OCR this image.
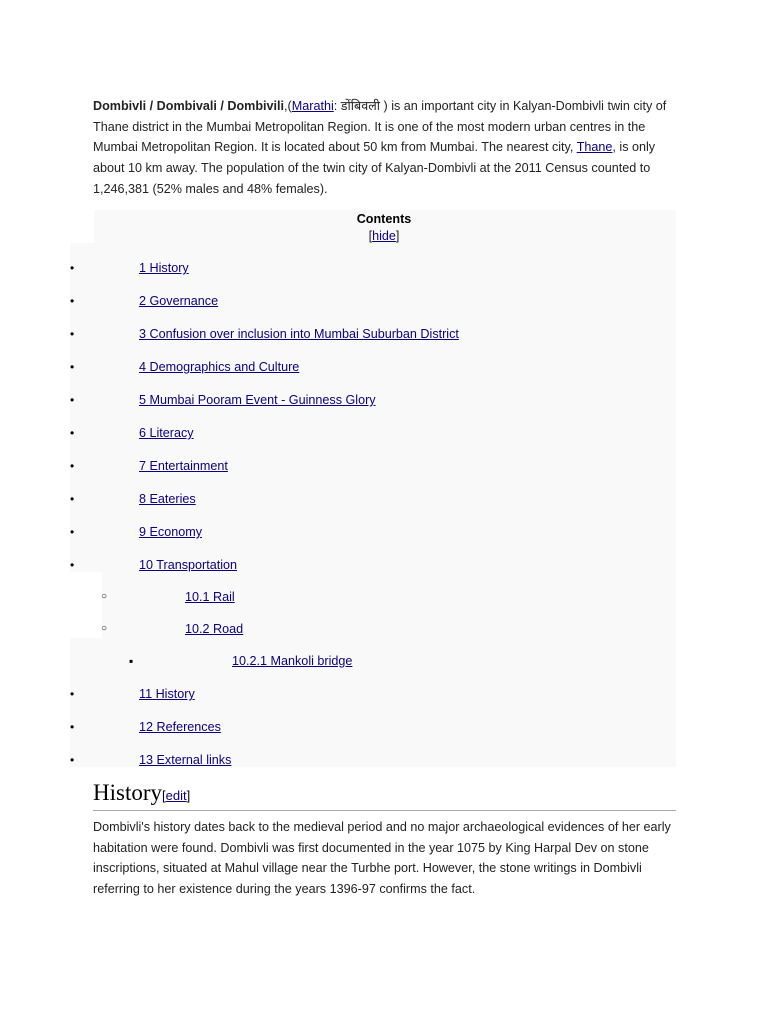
Dombivli / Dombivali / Dombivili,(Marathi: डोंबिवली ) is an important city in Kalyan-Dombivli twin city of Thane district in the Mumbai Metropolitan Region. It is one of the most modern urban centres in the Mumbai Metropolitan Region. It is located about 50 km from Mumbai. The nearest city, Thane, is only about 10 km away. The population of the twin city of Kalyan-Dombivli at the 2011 Census counted to 1,246,381 (52% males and 48% females).

Contents
[hide]
•	1 History
•	2 Governance
•	3 Confusion over inclusion into Mumbai Suburban District
•	4 Demographics and Culture
•	5 Mumbai Pooram Event - Guinness Glory
•	6 Literacy
•	7 Entertainment
•	8 Eateries
•	9 Economy
•	10 Transportation
○	10.1 Rail
○	10.2 Road
▪	10.2.1 Mankoli bridge
•	11 History
•	12 References
•	13 External links
History[edit]

Dombivli's history dates back to the medieval period and no major archaeological evidences of her early habitation were found. Dombivli was first documented in the year 1075 by King Harpal Dev on stone inscriptions, situated at Mahul village near the Turbhe port. However, the stone writings in Dombivli referring to her existence during the years 1396-97 confirms the fact.
